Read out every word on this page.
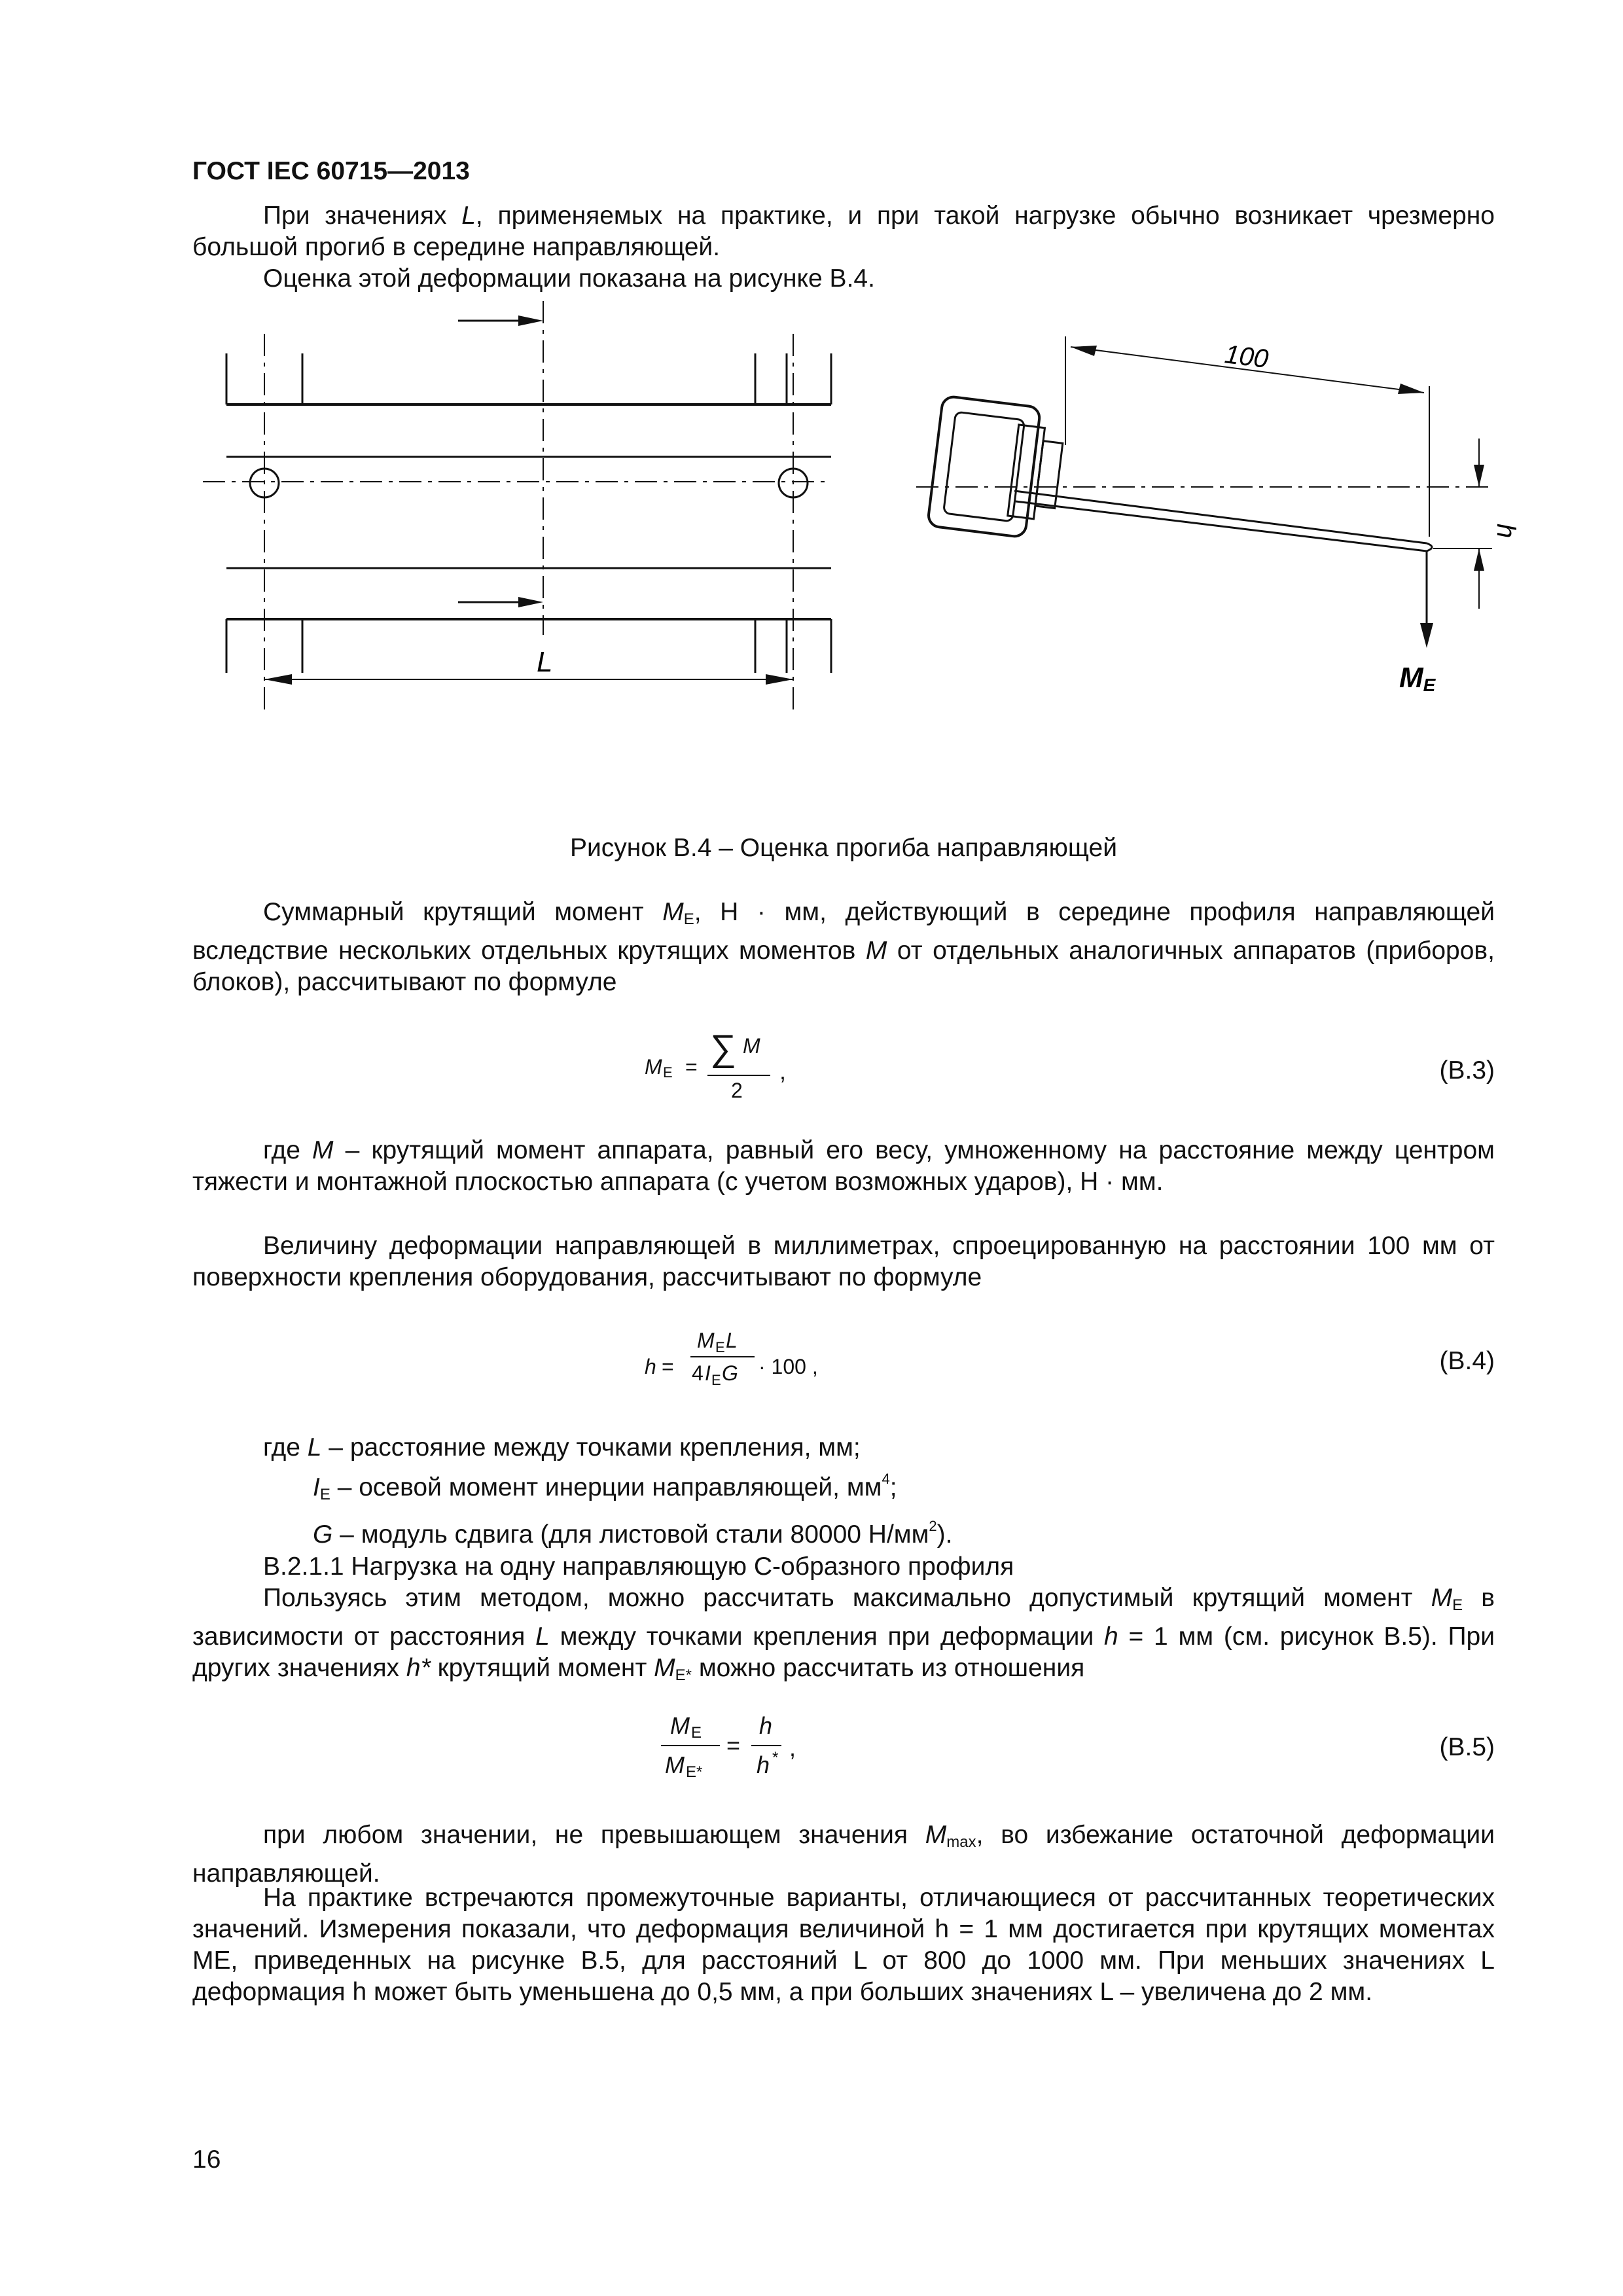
ГОСТ IEC 60715—2013
При значениях L, применяемых на практике, и при такой нагрузке обычно возникает чрезмерно большой прогиб в середине направляющей.
Оценка этой деформации показана на рисунке B.4.
L
100
h
ME
Рисунок B.4 – Оценка прогиба направляющей
Суммарный крутящий момент $M_E$, Н · мм, действующий в середине профиля направляющей вследствие нескольких отдельных крутящих моментов M от отдельных аналогичных аппаратов (приборов, блоков), рассчитывают по формуле
M E = ∑ M
2
,	(B.3)
где M – крутящий момент аппарата, равный его весу, умноженному на расстояние между центром тяжести и монтажной плоскостью аппарата (с учетом возможных ударов), Н · мм.
Величину деформации направляющей в миллиметрах, спроецированную на расстоянии 100 мм от поверхности крепления оборудования, рассчитывают по формуле
h =
M E L
4 I E G · 100 ,	(B.4)
где L – расстояние между точками крепления, мм;
$I_E$ – осевой момент инерции направляющей, $мм^4$;
G – модуль сдвига (для листовой стали 80000 $Н/мм^2$).
B.2.1.1 Нагрузка на одну направляющую С-образного профиля
Пользуясь этим методом, можно рассчитать максимально допустимый крутящий момент $M_E$ в зависимости от расстояния L между точками крепления при деформации h = 1 мм (см. рисунок B.5). При других значениях h* крутящий момент $M_{E*}$ можно рассчитать из отношения
M E
M E*
=
h
h * ,	(B.5)
при любом значении, не превышающем значения $M_{max}$, во избежание остаточной деформации направляющей.
На практике встречаются промежуточные варианты, отличающиеся от рассчитанных теоретических значений. Измерения показали, что деформация величиной h = 1 мм достигается при крутящих моментах ME, приведенных на рисунке B.5, для расстояний L от 800 до 1000 мм. При меньших значениях L деформация h может быть уменьшена до 0,5 мм, а при больших значениях L – увеличена до 2 мм.
16
